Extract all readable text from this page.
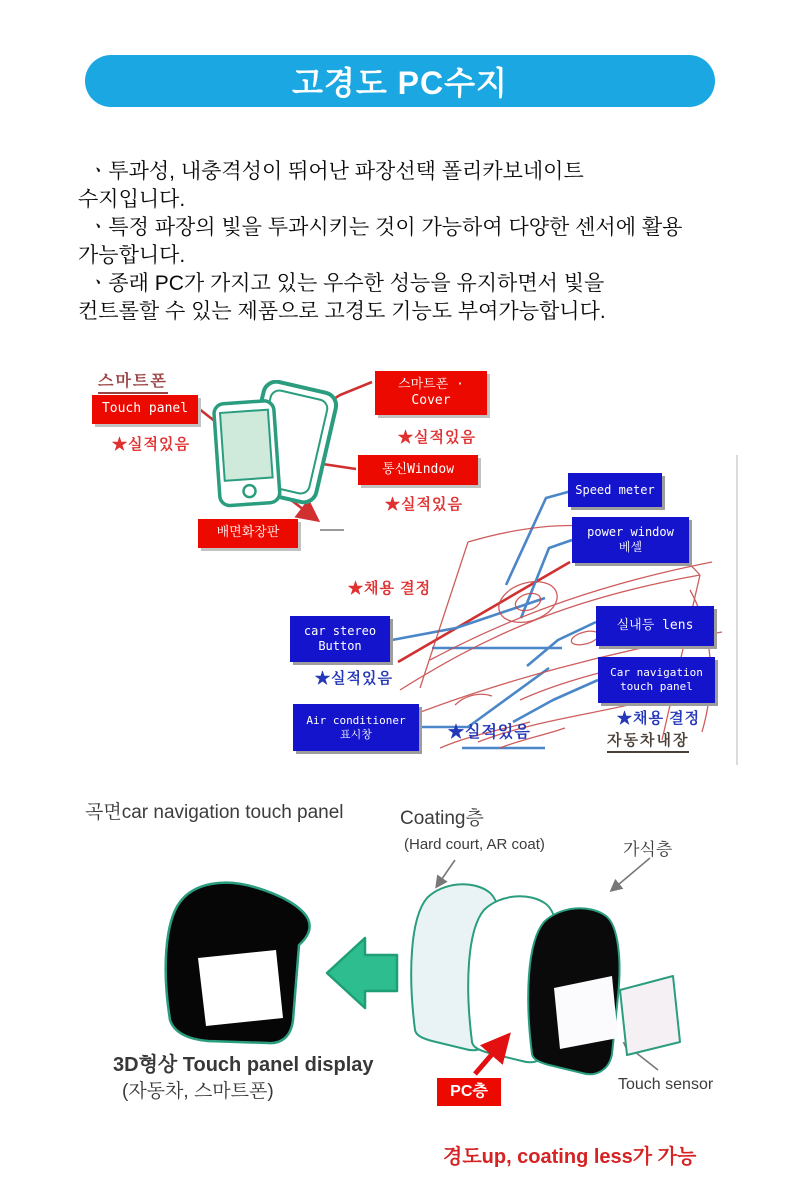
고경도 PC수지
ㆍ투과성, 내충격성이 뛰어난 파장선택 폴리카보네이트
수지입니다.
ㆍ특정 파장의 빛을 투과시키는 것이 가능하여 다양한 센서에 활용
가능합니다.
ㆍ종래 PC가 가지고 있는 우수한 성능을 유지하면서 빛을
컨트롤할 수 있는 제품으로 고경도 기능도 부여가능합니다.
스마트폰
Touch panel
★실적있음
스마트폰 ·
Cover
★실적있음
통신Window
★실적있음
배면화장판
★채용 결정
Speed meter
power window
베셀
실내등 lens
Car navigation
touch panel
★채용 결정
자동차내장
car stereo
Button
★실적있음
Air conditioner
표시창	★실적있음
곡면car navigation touch panel	Coating층
(Hard court, AR coat)	가식층
PC층	Touch sensor
3D형상 Touch panel display
(자동차, 스마트폰)
경도up, coating less가 가능
